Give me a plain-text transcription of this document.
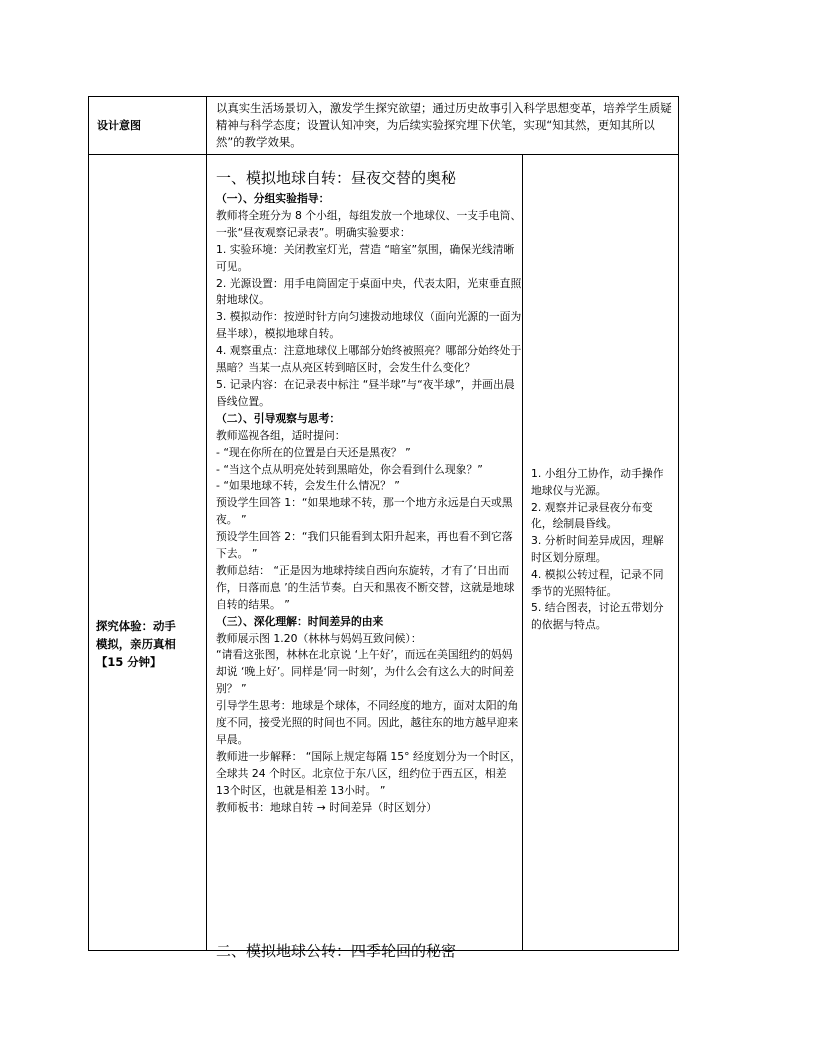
设计意图
以真实生活场景切入，激发学生探究欲望；通过历史故事引入科学思想变革，培养学生质疑精神与科学态度；设置认知冲突，为后续实验探究埋下伏笔，实现“知其然，更知其所以然”的教学效果。
探究体验：动手
模拟，亲历真相
【15 分钟】

一、模拟地球自转：昼夜交替的奥秘

（一）、分组实验指导：

教师将全班分为 8 个小组，每组发放一个地球仪、一支手电筒、一张“昼夜观察记录表”。明确实验要求：

1. 实验环境：关闭教室灯光，营造 “暗室”氛围，确保光线清晰可见。

2. 光源设置：用手电筒固定于桌面中央，代表太阳，光束垂直照射地球仪。

3. 模拟动作：按逆时针方向匀速拨动地球仪（面向光源的一面为昼半球），模拟地球自转。

4. 观察重点：注意地球仪上哪部分始终被照亮？哪部分始终处于黑暗？当某一点从亮区转到暗区时，会发生什么变化？

5. 记录内容：在记录表中标注 “昼半球”与“夜半球”，并画出晨昏线位置。

（二）、引导观察与思考：

教师巡视各组，适时提问：

- “现在你所在的位置是白天还是黑夜？ ”

- “当这个点从明亮处转到黑暗处，你会看到什么现象？”

- “如果地球不转，会发生什么情况？ ”

预设学生回答 1：“如果地球不转，那一个地方永远是白天或黑夜。 ”

预设学生回答 2：“我们只能看到太阳升起来，再也看不到它落下去。 ”

教师总结： “正是因为地球持续自西向东旋转，才有了‘日出而作，日落而息 ’的生活节奏。白天和黑夜不断交替，这就是地球自转的结果。 ”

（三）、深化理解：时间差异的由来

教师展示图 1.20（林林与妈妈互致问候）：

“请看这张图，林林在北京说 ‘上午好’，而远在美国纽约的妈妈却说 ‘晚上好’。同样是‘同一时刻’，为什么会有这么大的时间差别？ ”

引导学生思考：地球是个球体，不同经度的地方，面对太阳的角度不同，接受光照的时间也不同。因此，越往东的地方越早迎来早晨。

教师进一步解释： “国际上规定每隔 15° 经度划分为一个时区，全球共 24 个时区。北京位于东八区，纽约位于西五区，相差 13个时区，也就是相差 13小时。 ”

教师板书：地球自转 → 时间差异（时区划分）

二、模拟地球公转：四季轮回的秘密

1. 小组分工协作，动手操作地球仪与光源。

2. 观察并记录昼夜分布变化，绘制晨昏线。

3. 分析时间差异成因，理解时区划分原理。

4. 模拟公转过程，记录不同季节的光照特征。

5. 结合图表，讨论五带划分的依据与特点。
